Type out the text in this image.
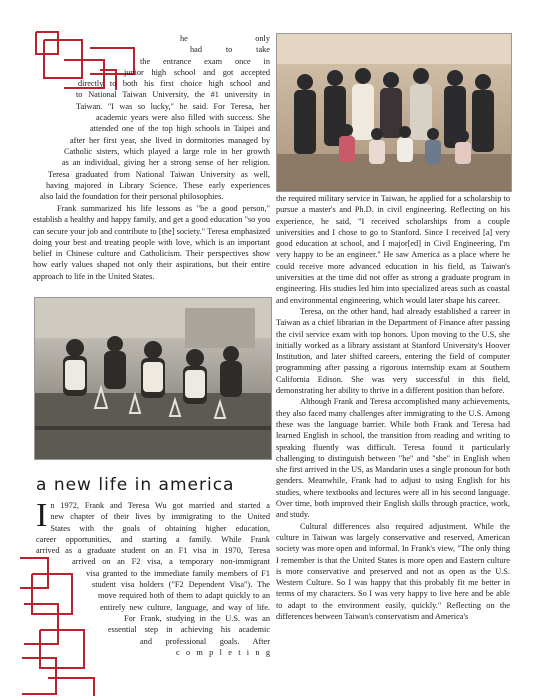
he only

had to take

the entrance exam once in

junior high school and got accepted

directly to both his first choice high school and

to National Taiwan University, the #1 university in

Taiwan. "I was so lucky," he said. For Teresa, her

academic years were also filled with success. She

attended one of the top high schools in Taipei and

after her first year, she lived in dormitories managed by

Catholic sisters, which played a large role in her growth

as an individual, giving her a strong sense of her religion.

Teresa graduated from National Taiwan University as well,

having majored in Library Science. These early experiences

also laid the foundation for their personal philosophies.

Frank summarized his life lessons as "be a good person," establish a healthy and happy family, and get a good education "so you can secure your job and contribute to [the] society." Teresa emphasized doing your best and treating people with love, which is an important belief in Chinese culture and Catholicism. Their perspectives show how early values shaped not only their aspirations, but their entire approach to life in the United States.

a new life in america
I n 1972, Frank and Teresa Wu got married and started a

new chapter of their lives by immigrating to the United

States with the goals of obtaining higher education,

career opportunities, and starting a family. While Frank

arrived as a graduate student on an F1 visa in 1970, Teresa

arrived on an F2 visa, a temporary non-immigrant

visa granted to the immediate family members of F1

student visa holders ("F2 Dependent Visa"). The

move required both of them to adapt quickly to an

entirely new culture, language, and way of life.

For Frank, studying in the U.S. was an

essential step in achieving his academic

and professional goals. After

c o m p l e t i n g

the required military service in Taiwan, he applied for a scholarship to pursue a master's and Ph.D. in civil engineering. Reflecting on his experience, he said, "I received scholarships from a couple universities and I chose to go to Stanford. Since I received [a] very good education at school, and I major[ed] in Civil Engineering, I'm very happy to be an engineer." He saw America as a place where he could receive more advanced education in his field, as Taiwan's universities at the time did not offer as strong a graduate program in engineering. His studies led him into specialized areas such as coastal and environmental engineering, which would later shape his career.

Teresa, on the other hand, had already established a career in Taiwan as a chief librarian in the Department of Finance after passing the civil service exam with top honors. Upon moving to the U.S, she initially worked as a library assistant at Stanford University's Hoover Institution, and later shifted careers, entering the field of computer programming after passing a rigorous internship exam at Southern California Edison. She was very successful in this field, demonstrating her ability to thrive in a different position than before.

Although Frank and Teresa accomplished many achievements, they also faced many challenges after immigrating to the U.S. Among these was the language barrier. While both Frank and Teresa had learned English in school, the transition from reading and writing to speaking fluently was difficult. Teresa found it particularly challenging to distinguish between "he" and "she" in English when she first arrived in the US, as Mandarin uses a single pronoun for both genders. Meanwhile, Frank had to adjust to using English for his studies, where textbooks and lectures were all in his second language. Over time, both improved their English skills through practice, work, and study.

Cultural differences also required adjustment. While the culture in Taiwan was largely conservative and reserved, American society was more open and informal. In Frank's view, "The only thing I remember is that the United States is more open and Eastern culture is more conservative and preserved and not as open as the U.S. Western Culture. So I was happy that this probably fit me better in terms of my characters. So I was very happy to live here and be able to adapt to the environment easily, quickly." Reflecting on the differences between Taiwan's conservatism and America's
